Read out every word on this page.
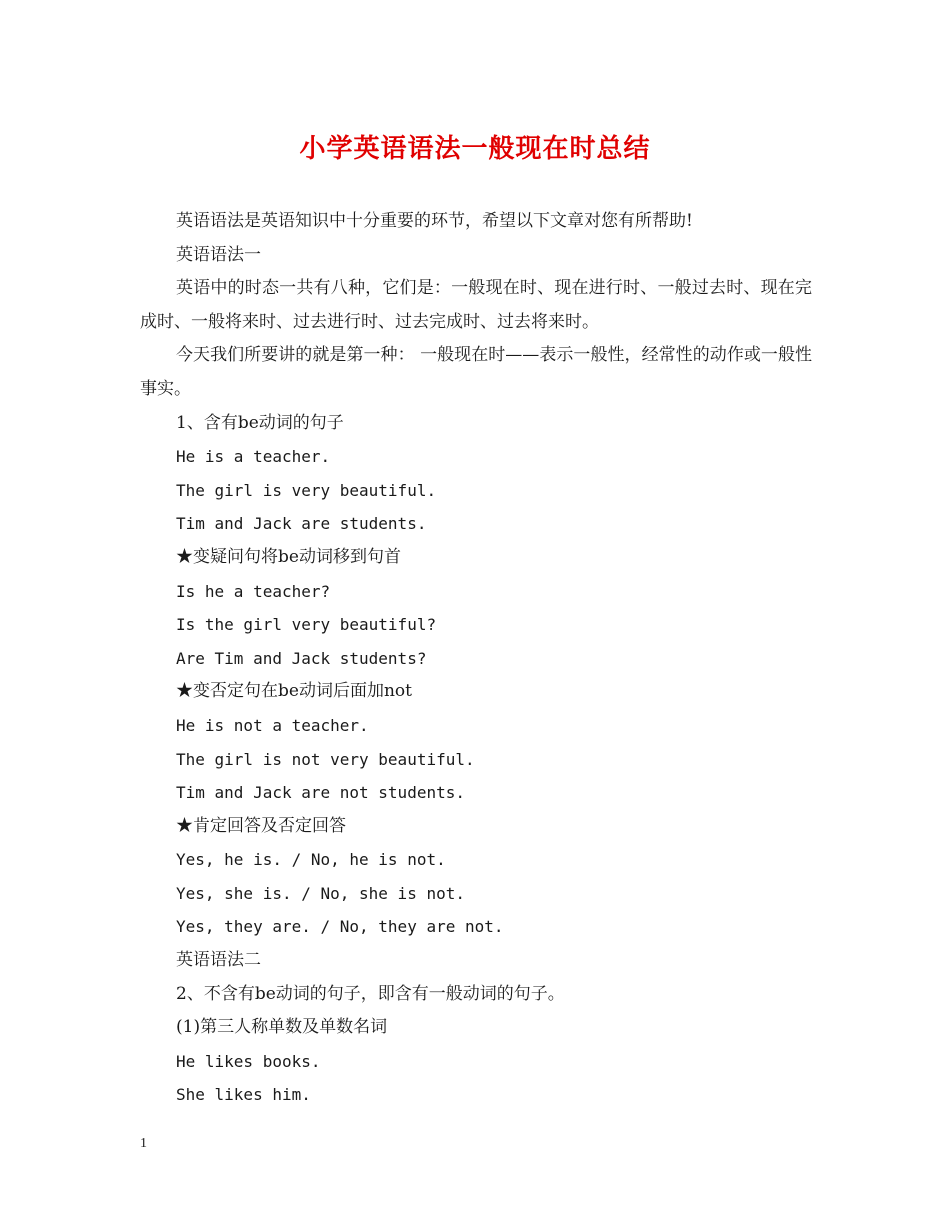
小学英语语法一般现在时总结
英语语法是英语知识中十分重要的环节，希望以下文章对您有所帮助!
英语语法一
英语中的时态一共有八种，它们是：一般现在时、现在进行时、一般过去时、现在完成时、一般将来时、过去进行时、过去完成时、过去将来时。
今天我们所要讲的就是第一种： 一般现在时——表示一般性，经常性的动作或一般性事实。
1、含有be动词的句子
He is a teacher.
The girl is very beautiful.
Tim and Jack are students.
★变疑问句将be动词移到句首
Is he a teacher?
Is the girl very beautiful?
Are Tim and Jack students?
★变否定句在be动词后面加not
He is not a teacher.
The girl is not very beautiful.
Tim and Jack are not students.
★肯定回答及否定回答
Yes, he is. / No, he is not.
Yes, she is. / No, she is not.
Yes, they are. / No, they are not.
英语语法二
2、不含有be动词的句子，即含有一般动词的句子。
(1)第三人称单数及单数名词
He likes books.
She likes him.
1
